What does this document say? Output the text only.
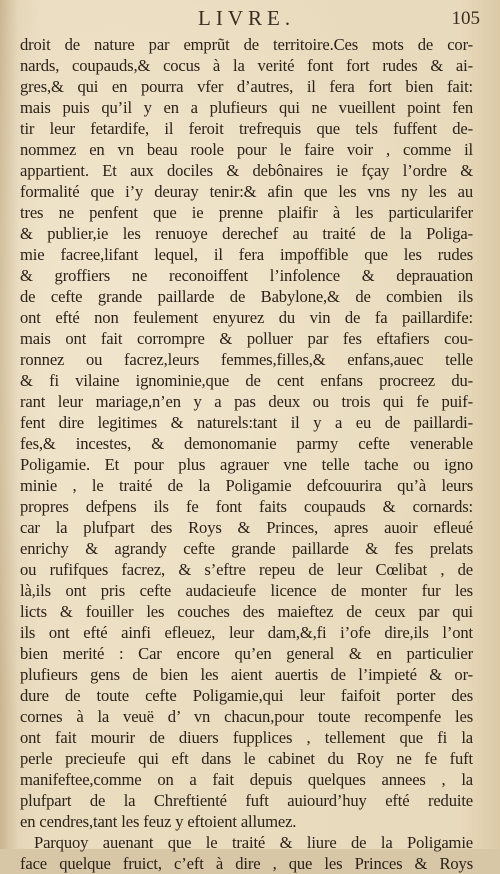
LIVRE.	105
droit de nature par emprũt de territoire.Ces mots de cor-
nards, coupauds,& cocus à la verité font fort rudes & ai-
gres,& qui en pourra vfer d’autres, il fera fort bien fait:
mais puis qu’il y en a plufieurs qui ne vueillent point fen
tir leur fetardife, il feroit trefrequis que tels fuffent de-
nommez en vn beau roole pour le faire voir , comme il
appartient. Et aux dociles & debônaires ie fçay l’ordre &
formalité que i’y deuray tenir:& afin que les vns ny les au
tres ne penfent que ie prenne plaifir à les particularifer
& publier,ie les renuoye derechef au traité de la Poliga-
mie facree,lifant lequel, il fera impoffible que les rudes
& groffiers ne reconoiffent l’infolence & deprauation
de cefte grande paillarde de Babylone,& de combien ils
ont efté non feulement enyurez du vin de fa paillardife:
mais ont fait corrompre & polluer par fes eftafiers cou-
ronnez ou facrez,leurs femmes,filles,& enfans,auec telle
& fi vilaine ignominie,que de cent enfans procreez du-
rant leur mariage,n’en y a pas deux ou trois qui fe puif-
fent dire legitimes & naturels:tant il y a eu de paillardi-
fes,& incestes, & demonomanie parmy cefte venerable
Poligamie. Et pour plus agrauer vne telle tache ou igno
minie , le traité de la Poligamie defcouurira qu’à leurs
propres defpens ils fe font faits coupauds & cornards:
car la plufpart des Roys & Princes, apres auoir efleué
enrichy & agrandy cefte grande paillarde & fes prelats
ou rufifques facrez, & s’eftre repeu de leur Cœlibat , de
là,ils ont pris cefte audacieufe licence de monter fur les
licts & fouiller les couches des maieftez de ceux par qui
ils ont efté ainfi efleuez, leur dam,&,fi i’ofe dire,ils l’ont
bien merité : Car encore qu’en general & en particulier
plufieurs gens de bien les aient auertis de l’impieté & or-
dure de toute cefte Poligamie,qui leur faifoit porter des
cornes à la veuë d’ vn chacun,pour toute recompenfe les
ont fait mourir de diuers fupplices , tellement que fi la
perle precieufe qui eft dans le cabinet du Roy ne fe fuft
manifeftee,comme on a fait depuis quelques annees , la
plufpart de la Chreftienté fuft auiourd’huy efté reduite
en cendres,tant les feuz y eftoient allumez.
Parquoy auenant que le traité & liure de la Poligamie
face quelque fruict, c’eft à dire , que les Princes & Roys
